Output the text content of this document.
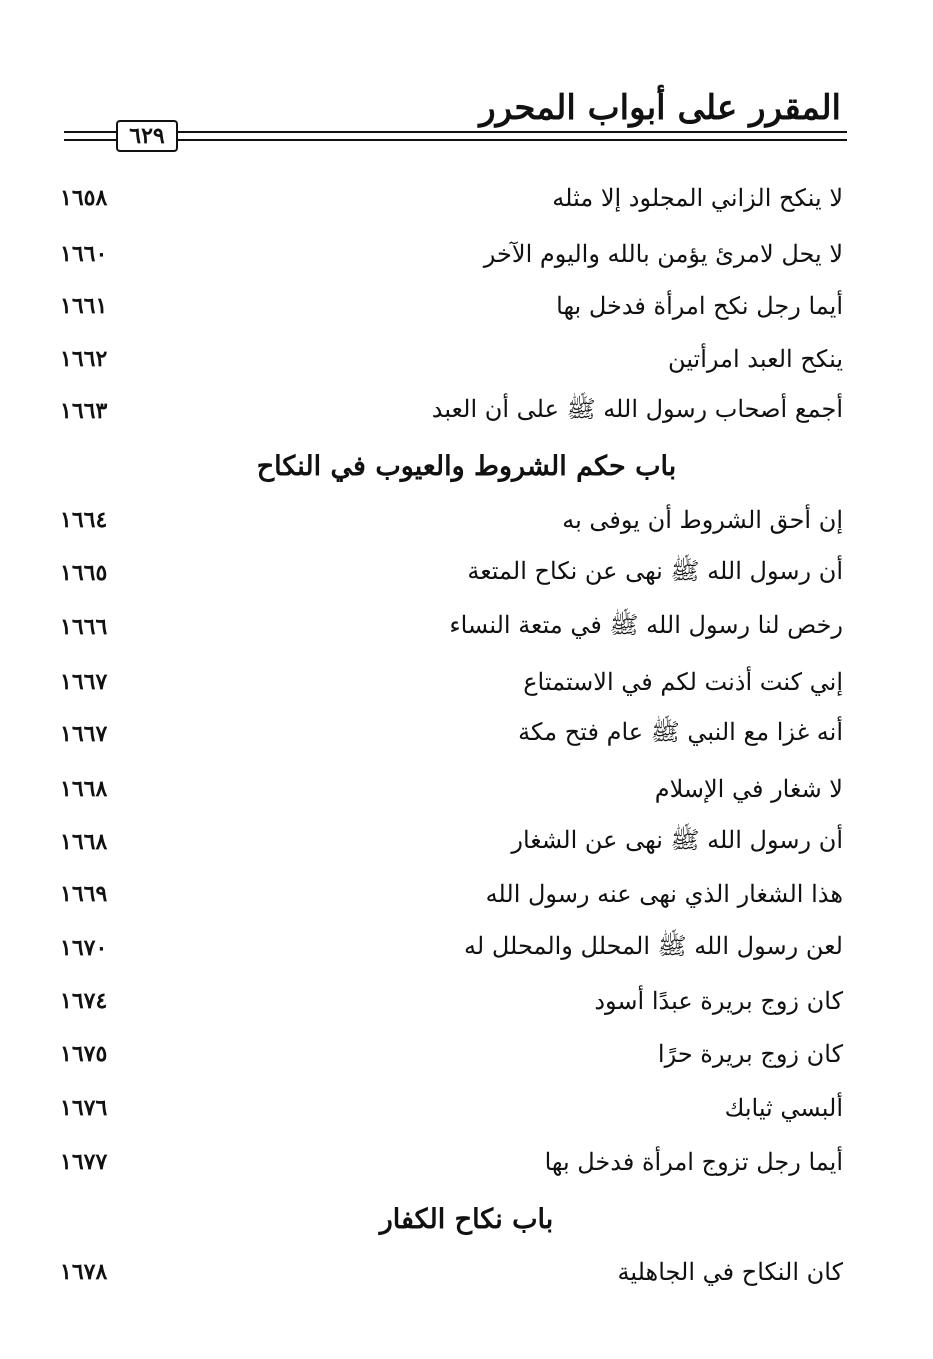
المقرر على أبواب المحرر
٦٢٩
لا ينكح الزاني المجلود إلا مثله
١٦٥٨
لا يحل لامرئ يؤمن بالله واليوم الآخر
١٦٦٠
أيما رجل نكح امرأة فدخل بها
١٦٦١
ينكح العبد امرأتين
١٦٦٢
أجمع أصحاب رسول الله ﷺ على أن العبد
١٦٦٣
باب حكم الشروط والعيوب في النكاح
إن أحق الشروط أن يوفى به
١٦٦٤
أن رسول الله ﷺ نهى عن نكاح المتعة
١٦٦٥
رخص لنا رسول الله ﷺ في متعة النساء
١٦٦٦
إني كنت أذنت لكم في الاستمتاع
١٦٦٧
أنه غزا مع النبي ﷺ عام فتح مكة
١٦٦٧
لا شغار في الإسلام
١٦٦٨
أن رسول الله ﷺ نهى عن الشغار
١٦٦٨
هذا الشغار الذي نهى عنه رسول الله
١٦٦٩
لعن رسول الله ﷺ المحلل والمحلل له
١٦٧٠
كان زوج بريرة عبدًا أسود
١٦٧٤
كان زوج بريرة حرًا
١٦٧٥
ألبسي ثيابك
١٦٧٦
أيما رجل تزوج امرأة فدخل بها
١٦٧٧
باب نكاح الكفار
كان النكاح في الجاهلية
١٦٧٨
